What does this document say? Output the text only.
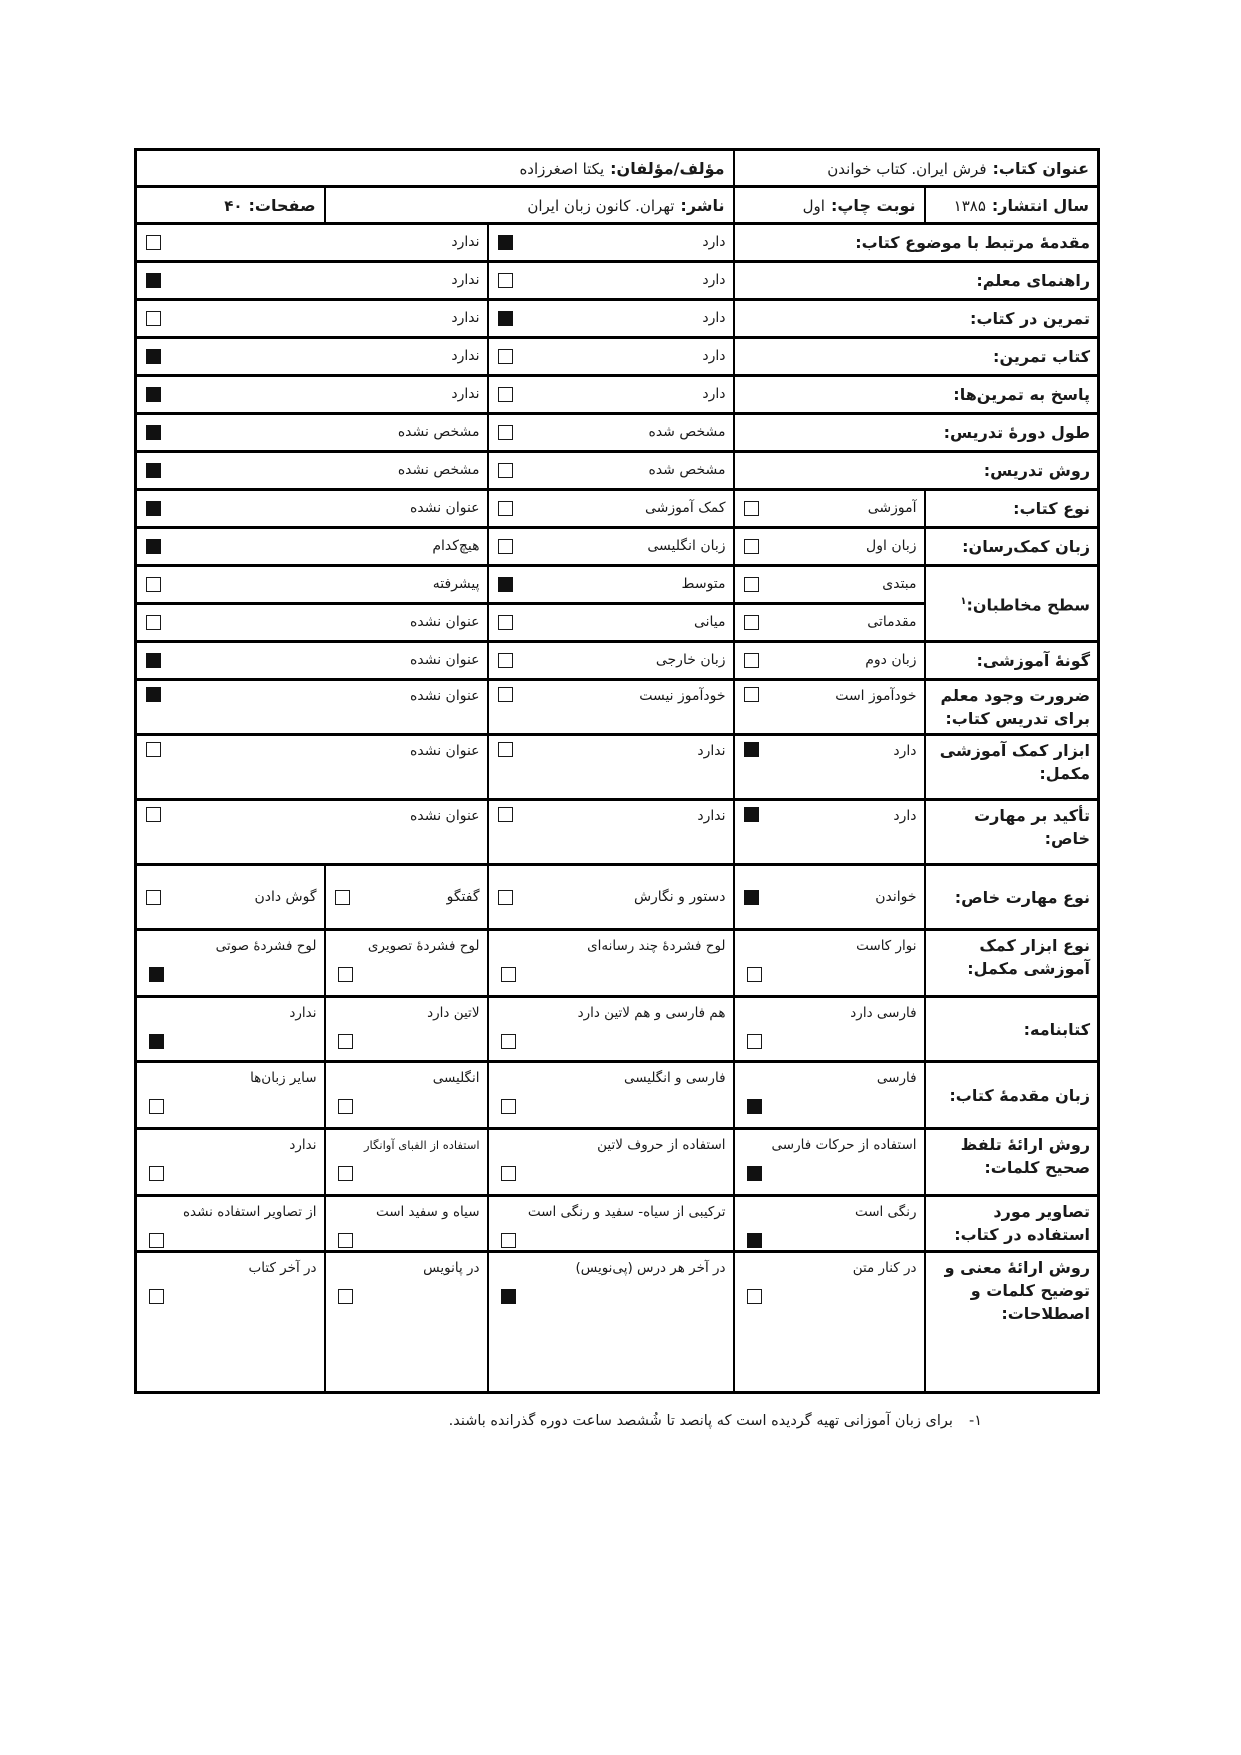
عنوان کتاب:فرش ایران. کتاب خواندن		مؤلف/مؤلفان:یکتا اصغرزاده		

سال انتشار:۱۳۸۵	نوبت چاپ:اول	ناشر:تهران. کانون زبان ایران		صفحات:۴۰

مقدمۀ مرتبط با موضوع کتاب:		دارد	ندارد	

راهنمای معلم:		دارد	ندارد	

تمرین در کتاب:		دارد	ندارد	

کتاب تمرین:		دارد	ندارد	

پاسخ به تمرین‌ها:		دارد	ندارد	

طول دورۀ تدریس:		مشخص شده	مشخص نشده	

روش تدریس:		مشخص شده	مشخص نشده	

نوع کتاب:	آموزشی	کمک آموزشی	عنوان نشده	

زبان کمک‌رسان:	زبان اول	زبان انگلیسی	هیچ‌کدام	

سطح مخاطبان:$^۱$	مبتدی	متوسط	پیشرفته	

	مقدماتی	میانی	عنوان نشده	

گونۀ آموزشی:	زبان دوم	زبان خارجی	عنوان نشده	

ضرورت وجود معلم برای تدریس کتاب:	خودآموز است	خودآموز نیست	عنوان نشده	

ابزار کمک آموزشی مکمل:	دارد	ندارد	عنوان نشده	

تأکید بر مهارت خاص:	دارد	ندارد	عنوان نشده	

نوع مهارت خاص:	خواندن	دستور و نگارش	گفتگو	گوش دادن

نوع ابزار کمک آموزشی مکمل:	نوار کاست	لوح فشردۀ چند رسانه‌ای	لوح فشردۀ تصویری	لوح فشردۀ صوتی

کتابنامه:	فارسی دارد	هم فارسی و هم لاتین دارد	لاتین دارد	ندارد

زبان مقدمۀ کتاب:	فارسی	فارسی و انگلیسی	انگلیسی	سایر زبان‌ها

روش ارائۀ تلفظ صحیح کلمات:	استفاده از حرکات فارسی	استفاده از حروف لاتین	استفاده از الفبای آوانگار	ندارد

تصاویر مورد استفاده در کتاب:	رنگی است	ترکیبی از سیاه- سفید و رنگی است	سیاه و سفید است	از تصاویر استفاده نشده

روش ارائۀ معنی و توضیح کلمات و اصطلاحات:	در کنار متن	در آخر هر درس (پی‌نویس)	در پانویس	در آخر کتاب
۱-
برای زبان آموزانی تهیه گردیده است که پانصد تا شُشصد ساعت دوره گذرانده باشند.
